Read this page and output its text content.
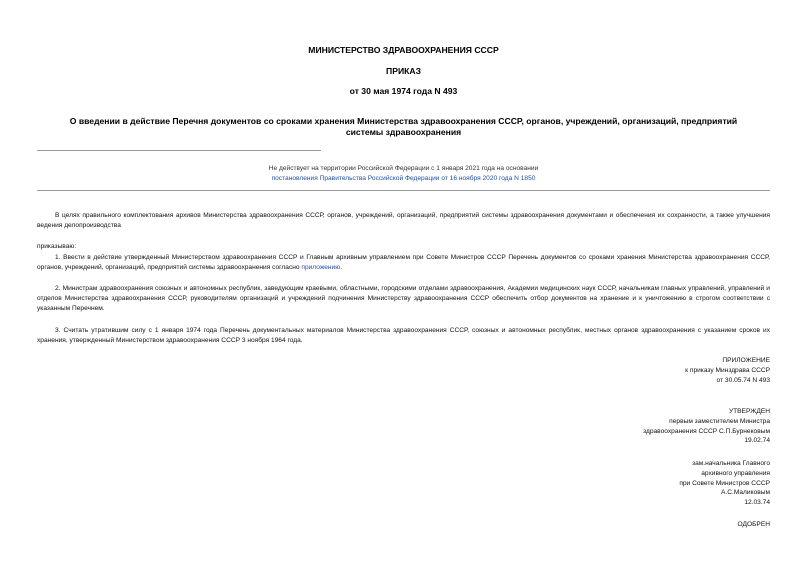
МИНИСТЕРСТВО ЗДРАВООХРАНЕНИЯ СССР
ПРИКАЗ
от 30 мая 1974 года N 493
О введении в действие Перечня документов со сроками хранения Министерства здравоохранения СССР, органов, учреждений, организаций, предприятий системы здравоохранения
Не действует на территории Российской Федерации с 1 января 2021 года на основании
постановления Правительства Российской Федерации от 16 ноября 2020 года N 1850
В целях правильного комплектования архивов Министерства здравоохранения СССР, органов, учреждений, организаций, предприятий системы здравоохранения документами и обеспечения их сохранности, а также улучшения ведения делопроизводства
приказываю:
1. Ввести в действие утвержденный Министерством здравоохранения СССР и Главным архивным управлением при Совете Министров СССР Перечень документов со сроками хранения Министерства здравоохранения СССР, органов, учреждений, организаций, предприятий системы здравоохранения согласно приложению.
2. Министрам здравоохранения союзных и автономных республик, заведующим краевыми, областными, городскими отделами здравоохранения, Академии медицинских наук СССР, начальникам главных управлений, управлений и отделов Министерства здравоохранения СССР, руководителям организаций и учреждений подчинения Министерству здравоохранения СССР обеспечить отбор документов на хранение и к уничтожению в строгом соответствии с указанным Перечнем.
3. Считать утратившим силу с 1 января 1974 года Перечень документальных материалов Министерства здравоохранения СССР, союзных и автономных республик, местных органов здравоохранения с указанием сроков их хранения, утвержденный Министерством здравоохранения СССР 3 ноября 1964 года.
ПРИЛОЖЕНИЕ
к приказу Минздрава СССР
от 30.05.74 N 493
УТВЕРЖДЕН
первым заместителем Министра
здравоохранения СССР С.П.Бурнековым
19.02.74
зам.начальника Главного
архивного управления
при Совете Министров СССР
А.С.Маликовым
12.03.74
ОДОБРЕН
